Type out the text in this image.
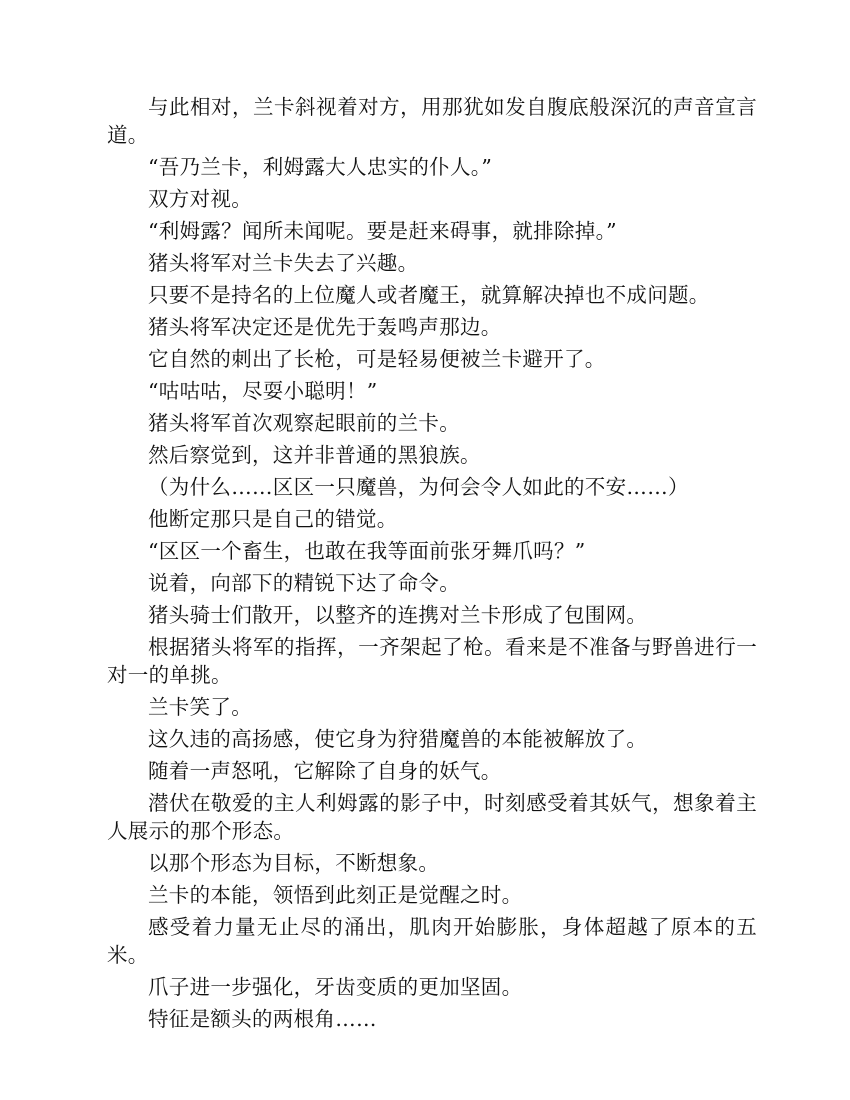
与此相对，兰卡斜视着对方，用那犹如发自腹底般深沉的声音宣言道。

“吾乃兰卡，利姆露大人忠实的仆人。”

双方对视。

“利姆露？闻所未闻呢。要是赶来碍事，就排除掉。”

猪头将军对兰卡失去了兴趣。

只要不是持名的上位魔人或者魔王，就算解决掉也不成问题。

猪头将军决定还是优先于轰鸣声那边。

它自然的刺出了长枪，可是轻易便被兰卡避开了。

“咕咕咕，尽耍小聪明！”

猪头将军首次观察起眼前的兰卡。

然后察觉到，这并非普通的黑狼族。

（为什么……区区一只魔兽，为何会令人如此的不安……）

他断定那只是自己的错觉。

“区区一个畜生，也敢在我等面前张牙舞爪吗？”

说着，向部下的精锐下达了命令。

猪头骑士们散开，以整齐的连携对兰卡形成了包围网。

根据猪头将军的指挥，一齐架起了枪。看来是不准备与野兽进行一对一的单挑。

兰卡笑了。

这久违的高扬感，使它身为狩猎魔兽的本能被解放了。

随着一声怒吼，它解除了自身的妖气。

潜伏在敬爱的主人利姆露的影子中，时刻感受着其妖气，想象着主人展示的那个形态。

以那个形态为目标，不断想象。

兰卡的本能，领悟到此刻正是觉醒之时。

感受着力量无止尽的涌出，肌肉开始膨胀，身体超越了原本的五米。

爪子进一步强化，牙齿变质的更加坚固。

特征是额头的两根角……
